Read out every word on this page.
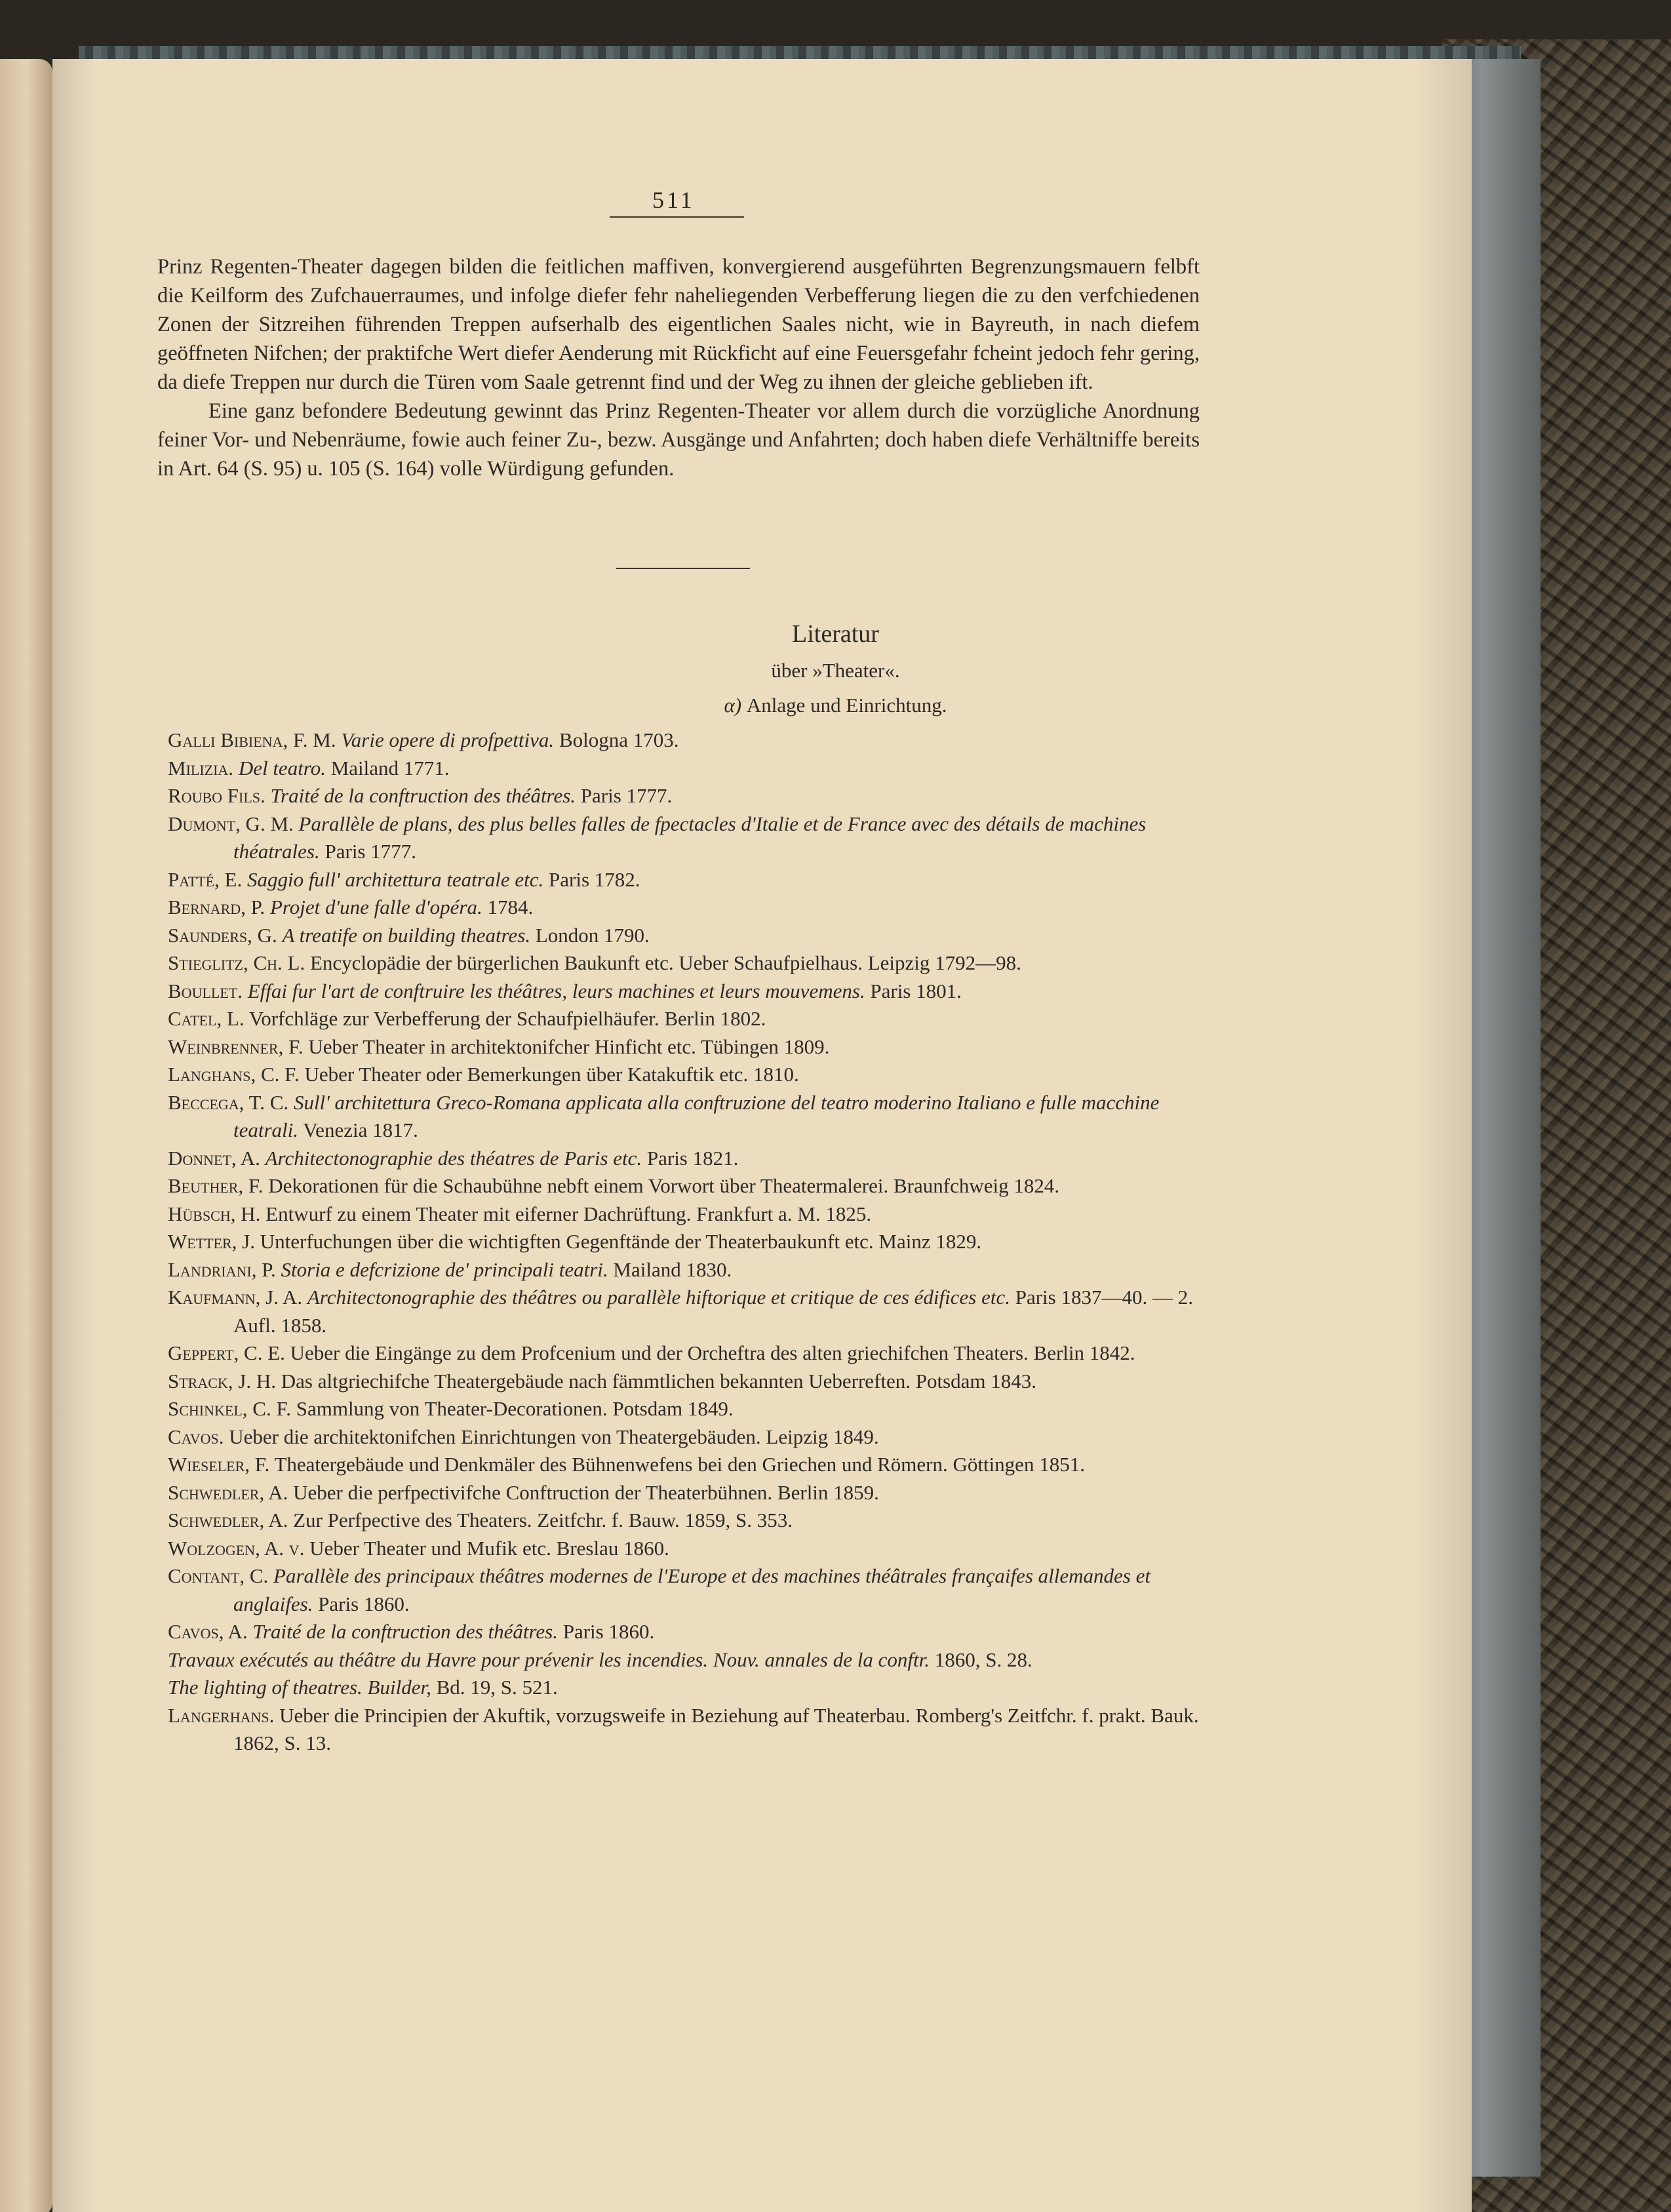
511

Prinz Regenten-Theater dagegen bilden die feitlichen maffiven, konvergierend ausgeführten Begrenzungsmauern felbft die Keilform des Zufchauerraumes, und infolge diefer fehr naheliegenden Verbefferung liegen die zu den verfchiedenen Zonen der Sitzreihen führenden Treppen aufserhalb des eigentlichen Saales nicht, wie in Bayreuth, in nach diefem geöffneten Nifchen; der praktifche Wert diefer Aenderung mit Rückficht auf eine Feuersgefahr fcheint jedoch fehr gering, da diefe Treppen nur durch die Türen vom Saale getrennt find und der Weg zu ihnen der gleiche geblieben ift.

Eine ganz befondere Bedeutung gewinnt das Prinz Regenten-Theater vor allem durch die vorzügliche Anordnung feiner Vor- und Nebenräume, fowie auch feiner Zu-, bezw. Ausgänge und Anfahrten; doch haben diefe Verhältniffe bereits in Art. 64 (S. 95) u. 105 (S. 164) volle Würdigung gefunden.

Literatur
über »Theater«.
α) Anlage und Einrichtung.
Galli Bibiena, F. M. Varie opere di profpettiva. Bologna 1703.
Milizia. Del teatro. Mailand 1771.
Roubo Fils. Traité de la conftruction des théâtres. Paris 1777.
Dumont, G. M. Parallèle de plans, des plus belles falles de fpectacles d'Italie et de France avec des détails de machines théatrales. Paris 1777.
Patté, E. Saggio full' architettura teatrale etc. Paris 1782.
Bernard, P. Projet d'une falle d'opéra. 1784.
Saunders, G. A treatife on building theatres. London 1790.
Stieglitz, Ch. L. Encyclopädie der bürgerlichen Baukunft etc. Ueber Schaufpielhaus. Leipzig 1792—98.
Boullet. Effai fur l'art de conftruire les théâtres, leurs machines et leurs mouvemens. Paris 1801.
Catel, L. Vorfchläge zur Verbefferung der Schaufpielhäufer. Berlin 1802.
Weinbrenner, F. Ueber Theater in architektonifcher Hinficht etc. Tübingen 1809.
Langhans, C. F. Ueber Theater oder Bemerkungen über Katakuftik etc. 1810.
Beccega, T. C. Sull' architettura Greco-Romana applicata alla conftruzione del teatro moderino Italiano e fulle macchine teatrali. Venezia 1817.
Donnet, A. Architectonographie des théatres de Paris etc. Paris 1821.
Beuther, F. Dekorationen für die Schaubühne nebft einem Vorwort über Theatermalerei. Braunfchweig 1824.
Hübsch, H. Entwurf zu einem Theater mit eiferner Dachrüftung. Frankfurt a. M. 1825.
Wetter, J. Unterfuchungen über die wichtigften Gegenftände der Theaterbaukunft etc. Mainz 1829.
Landriani, P. Storia e defcrizione de' principali teatri. Mailand 1830.
Kaufmann, J. A. Architectonographie des théâtres ou parallèle hiftorique et critique de ces édifices etc. Paris 1837—40. — 2. Aufl. 1858.
Geppert, C. E. Ueber die Eingänge zu dem Profcenium und der Orcheftra des alten griechifchen Theaters. Berlin 1842.
Strack, J. H. Das altgriechifche Theatergebäude nach fämmtlichen bekannten Ueberreften. Potsdam 1843.
Schinkel, C. F. Sammlung von Theater-Decorationen. Potsdam 1849.
Cavos. Ueber die architektonifchen Einrichtungen von Theatergebäuden. Leipzig 1849.
Wieseler, F. Theatergebäude und Denkmäler des Bühnenwefens bei den Griechen und Römern. Göttingen 1851.
Schwedler, A. Ueber die perfpectivifche Conftruction der Theaterbühnen. Berlin 1859.
Schwedler, A. Zur Perfpective des Theaters. Zeitfchr. f. Bauw. 1859, S. 353.
Wolzogen, A. v. Ueber Theater und Mufik etc. Breslau 1860.
Contant, C. Parallèle des principaux théâtres modernes de l'Europe et des machines théâtrales françaifes allemandes et anglaifes. Paris 1860.
Cavos, A. Traité de la conftruction des théâtres. Paris 1860.
Travaux exécutés au théâtre du Havre pour prévenir les incendies. Nouv. annales de la conftr. 1860, S. 28.
The lighting of theatres. Builder, Bd. 19, S. 521.
Langerhans. Ueber die Principien der Akuftik, vorzugsweife in Beziehung auf Theaterbau. Romberg's Zeitfchr. f. prakt. Bauk. 1862, S. 13.
